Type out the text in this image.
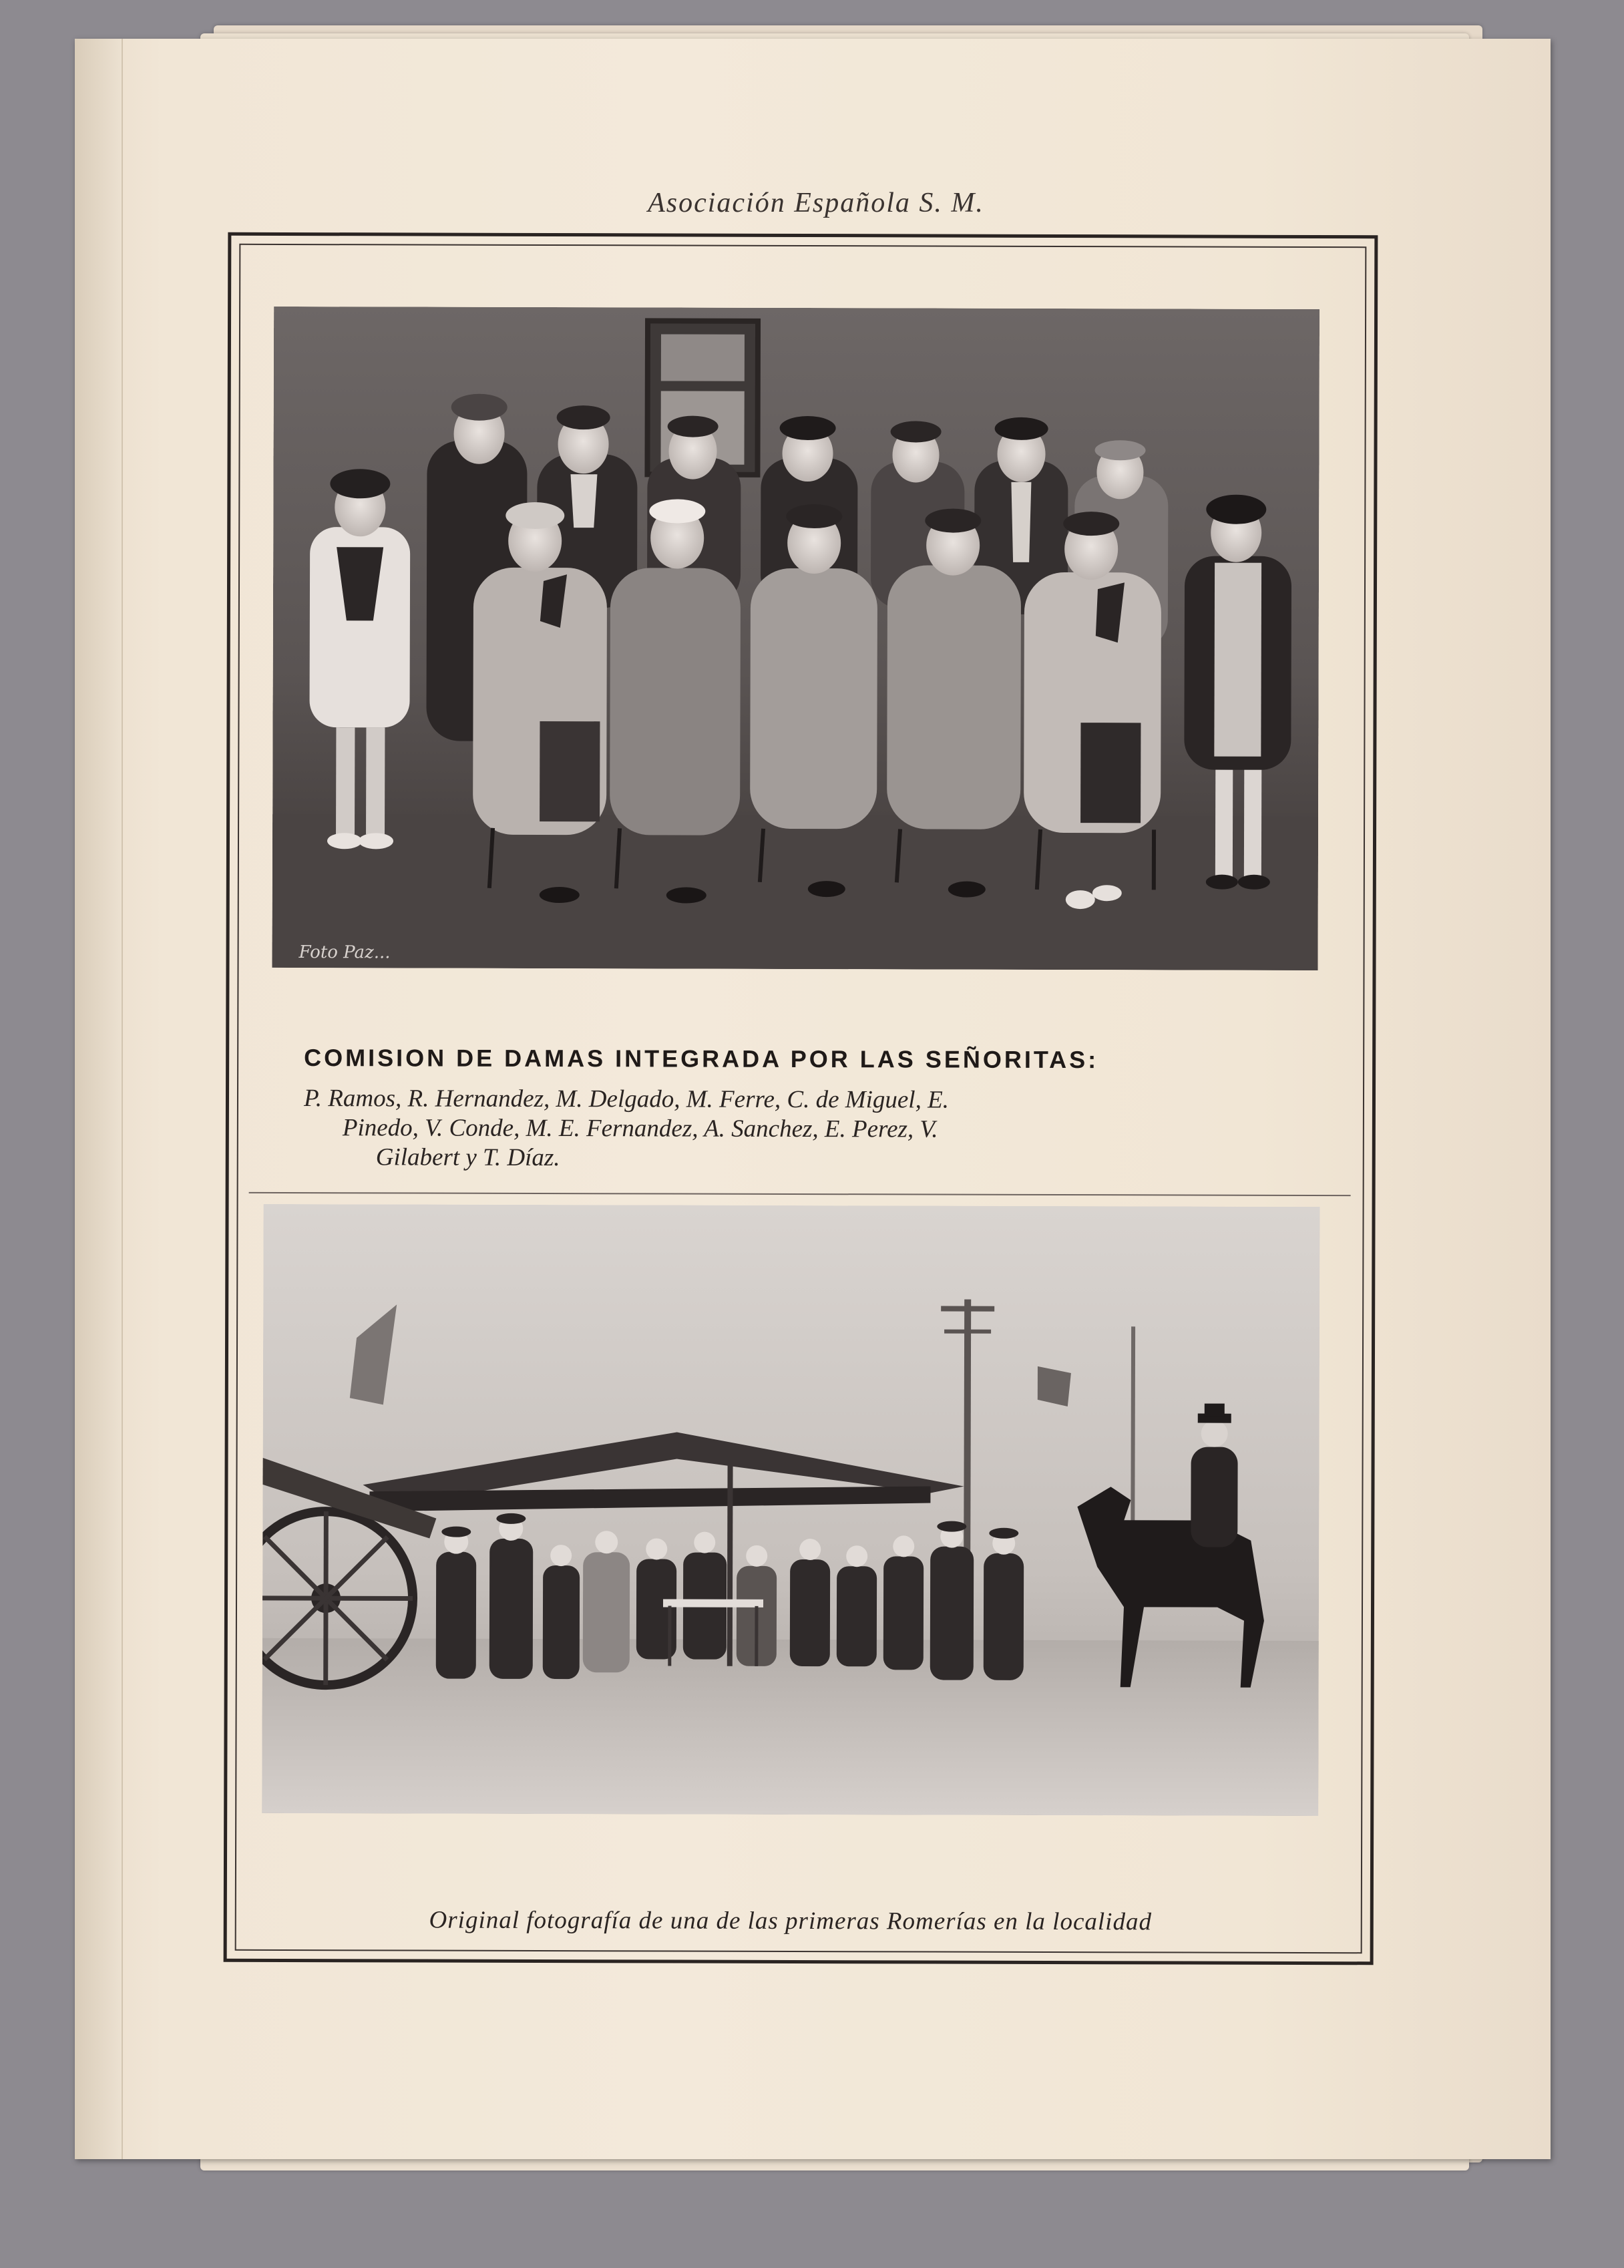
Asociación Española S. M.
Foto Paz...
COMISION DE DAMAS INTEGRADA POR LAS SEÑORITAS:
P. Ramos, R. Hernandez, M. Delgado, M. Ferre, C. de Miguel, E.
Pinedo, V. Conde, M. E. Fernandez, A. Sanchez, E. Perez, V.
Gilabert y T. Díaz.
Original fotografía de una de las primeras Romerías en la localidad
